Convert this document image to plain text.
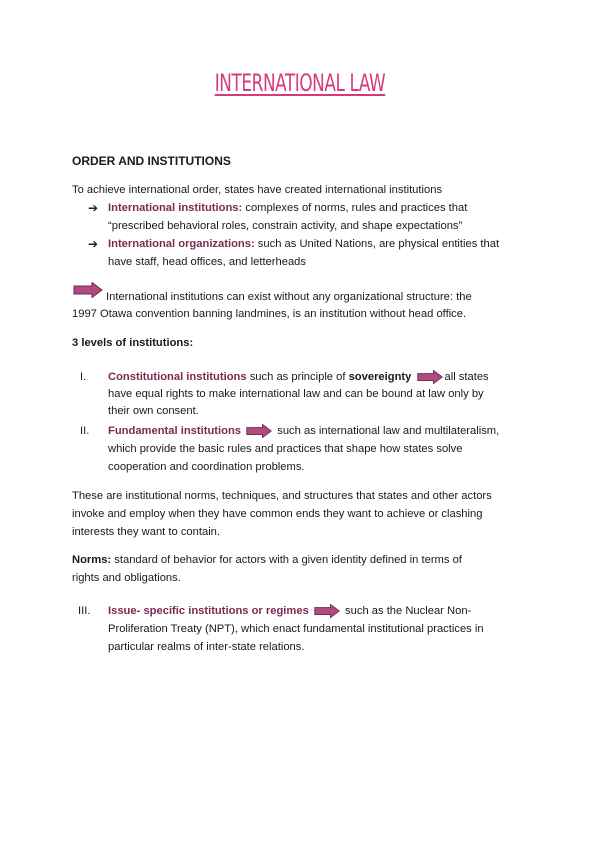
INTERNATIONAL LAW
ORDER AND INSTITUTIONS
To achieve international order, states have created international institutions
➔ International institutions: complexes of norms, rules and practices that
“prescribed behavioral roles, constrain activity, and shape expectations”
➔ International organizations: such as United Nations, are physical entities that
have staff, head offices, and letterheads
International institutions can exist without any organizational structure: the
1997 Otawa convention banning landmines, is an institution without head office.
3 levels of institutions:
I.	Constitutional institutions such as principle of sovereignty	all states
have equal rights to make international law and can be bound at law only by
their own consent.
II.	Fundamental institutions	such as international law and multilateralism,
which provide the basic rules and practices that shape how states solve
cooperation and coordination problems.
These are institutional norms, techniques, and structures that states and other actors
invoke and employ when they have common ends they want to achieve or clashing
interests they want to contain.
Norms: standard of behavior for actors with a given identity defined in terms of
rights and obligations.
III.	Issue- specific institutions or regimes	such as the Nuclear Non-
Proliferation Treaty (NPT), which enact fundamental institutional practices in
particular realms of inter-state relations.
